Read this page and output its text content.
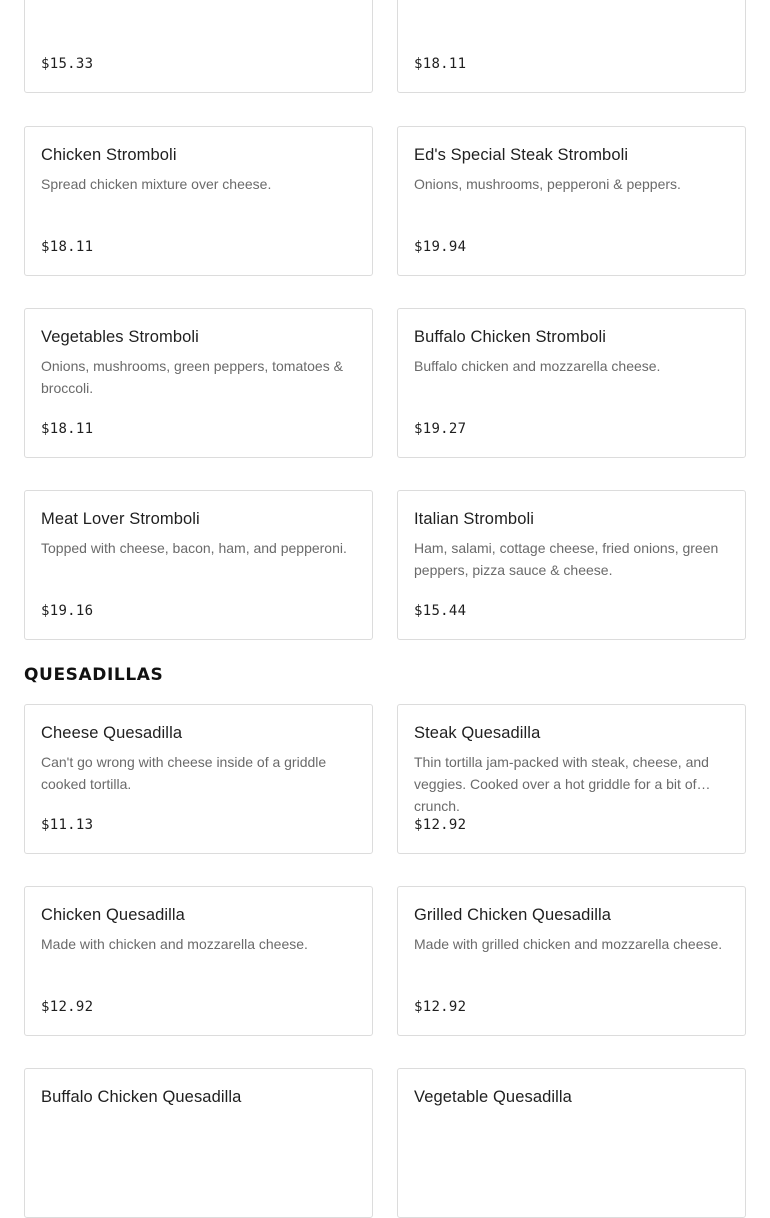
$15.33	$18.11
Chicken Stromboli
Spread chicken mixture over cheese.
$18.11
Ed's Special Steak Stromboli
Onions, mushrooms, pepperoni & peppers.
$19.94
Vegetables Stromboli
Onions, mushrooms, green peppers, tomatoes & broccoli.
$18.11
Buffalo Chicken Stromboli
Buffalo chicken and mozzarella cheese.
$19.27
Meat Lover Stromboli
Topped with cheese, bacon, ham, and pepperoni.
$19.16
Italian Stromboli
Ham, salami, cottage cheese, fried onions, green peppers, pizza sauce & cheese.
$15.44
QUESADILLAS
Cheese Quesadilla
Can't go wrong with cheese inside of a griddle cooked tortilla.
$11.13
Steak Quesadilla
Thin tortilla jam-packed with steak, cheese, and veggies. Cooked over a hot griddle for a bit of crunch.
$12.92
Chicken Quesadilla
Made with chicken and mozzarella cheese.
$12.92
Grilled Chicken Quesadilla
Made with grilled chicken and mozzarella cheese.
$12.92
Buffalo Chicken Quesadilla	Vegetable Quesadilla
